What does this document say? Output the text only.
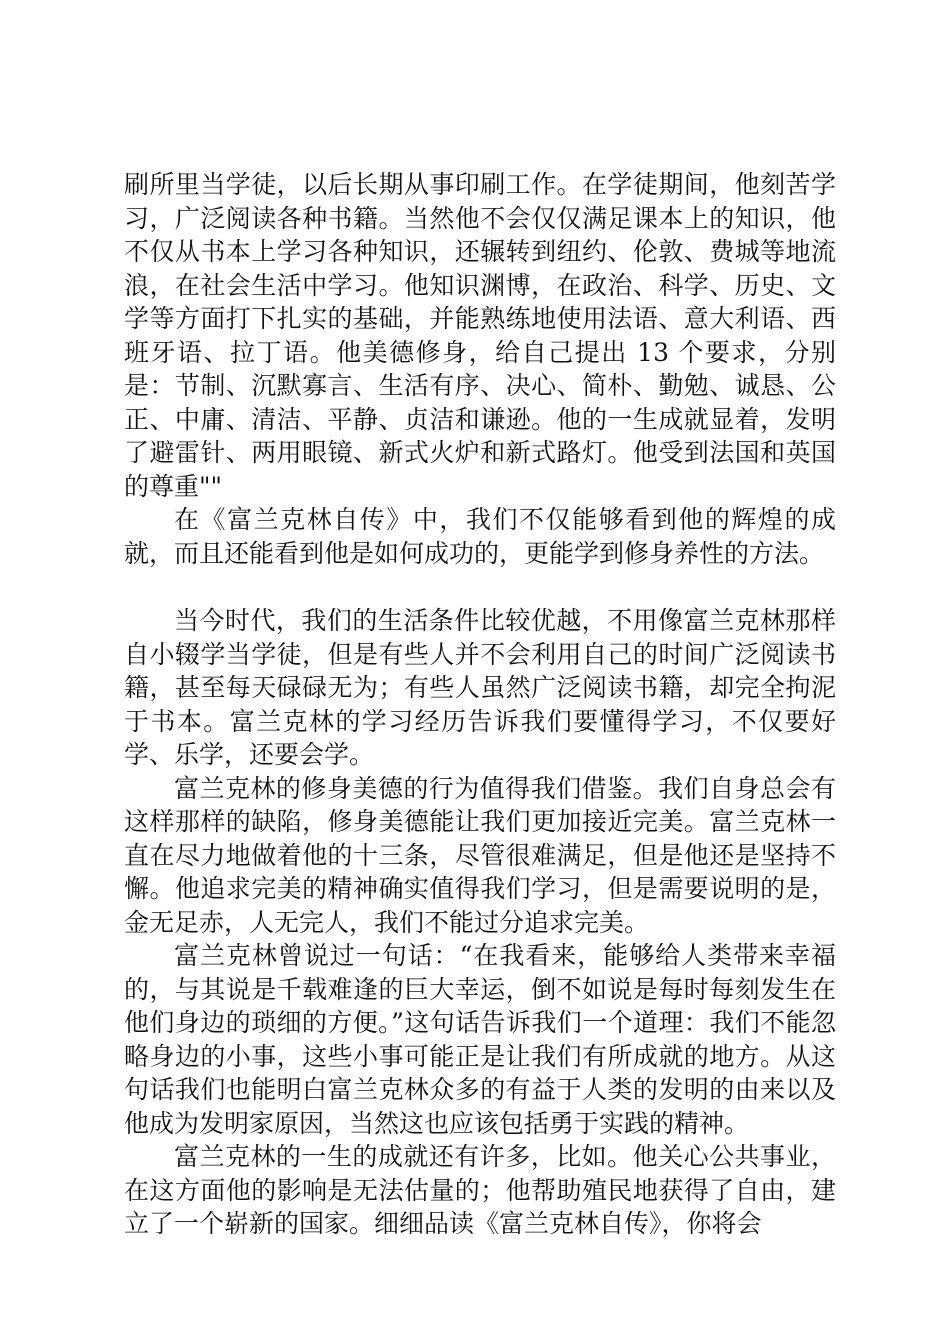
刷所里当学徒，以后长期从事印刷工作。在学徒期间，他刻苦学习，广泛阅读各种书籍。当然他不会仅仅满足课本上的知识，他不仅从书本上学习各种知识，还辗转到纽约、伦敦、费城等地流浪，在社会生活中学习。他知识渊博，在政治、科学、历史、文学等方面打下扎实的基础，并能熟练地使用法语、意大利语、西班牙语、拉丁语。他美德修身，给自己提出 13 个要求，分别是：节制、沉默寡言、生活有序、决心、简朴、勤勉、诚恳、公正、中庸、清洁、平静、贞洁和谦逊。他的一生成就显着，发明了避雷针、两用眼镜、新式火炉和新式路灯。他受到法国和英国的尊重""

在《富兰克林自传》中，我们不仅能够看到他的辉煌的成就，而且还能看到他是如何成功的，更能学到修身养性的方法。

当今时代，我们的生活条件比较优越，不用像富兰克林那样自小辍学当学徒，但是有些人并不会利用自己的时间广泛阅读书籍，甚至每天碌碌无为；有些人虽然广泛阅读书籍，却完全拘泥于书本。富兰克林的学习经历告诉我们要懂得学习，不仅要好学、乐学，还要会学。

富兰克林的修身美德的行为值得我们借鉴。我们自身总会有这样那样的缺陷，修身美德能让我们更加接近完美。富兰克林一直在尽力地做着他的十三条，尽管很难满足，但是他还是坚持不懈。他追求完美的精神确实值得我们学习，但是需要说明的是，金无足赤，人无完人，我们不能过分追求完美。

富兰克林曾说过一句话：“在我看来，能够给人类带来幸福的，与其说是千载难逢的巨大幸运，倒不如说是每时每刻发生在他们身边的琐细的方便。”这句话告诉我们一个道理：我们不能忽略身边的小事，这些小事可能正是让我们有所成就的地方。从这句话我们也能明白富兰克林众多的有益于人类的发明的由来以及他成为发明家原因，当然这也应该包括勇于实践的精神。

富兰克林的一生的成就还有许多，比如。他关心公共事业，在这方面他的影响是无法估量的；他帮助殖民地获得了自由，建立了一个崭新的国家。细细品读《富兰克林自传》，你将会
